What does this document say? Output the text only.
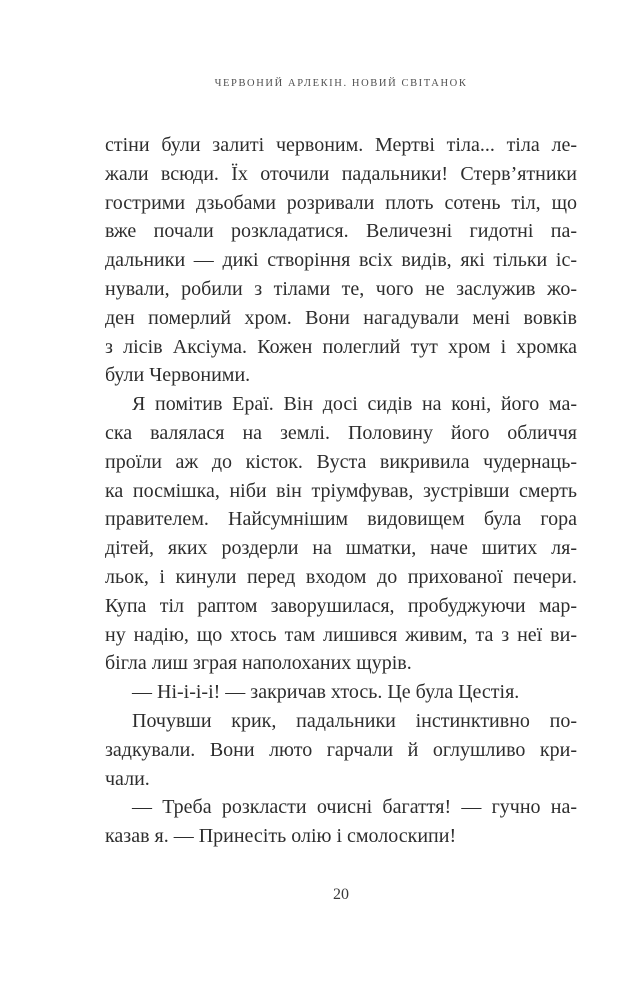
ЧЕРВОНИЙ АРЛЕКІН. НОВИЙ СВІТАНОК
стіни були залиті червоним. Мертві тіла... тіла ле-
жали всюди. Їх оточили падальники! Стерв’ятники
гострими дзьобами розривали плоть сотень тіл, що
вже почали розкладатися. Величезні гидотні па-
дальники — дикі створіння всіх видів, які тільки іс-
нували, робили з тілами те, чого не заслужив жо-
ден померлий хром. Вони нагадували мені вовків
з лісів Аксіума. Кожен полеглий тут хром і хромка
були Червоними.
Я помітив Ераї. Він досі сидів на коні, його ма-
ска валялася на землі. Половину його обличчя
проїли аж до кісток. Вуста викривила чудернаць-
ка посмішка, ніби він тріумфував, зустрівши смерть
правителем. Найсумнішим видовищем була гора
дітей, яких роздерли на шматки, наче шитих ля-
льок, і кинули перед входом до прихованої печери.
Купа тіл раптом заворушилася, пробуджуючи мар-
ну надію, що хтось там лишився живим, та з неї ви-
бігла лиш зграя наполоханих щурів.
— Ні-і-і-і! — закричав хтось. Це була Цестія.
Почувши крик, падальники інстинктивно по-
задкували. Вони люто гарчали й оглушливо кри-
чали.
— Треба розкласти очисні багаття! — гучно на-
казав я. — Принесіть олію і смолоскипи!
20
